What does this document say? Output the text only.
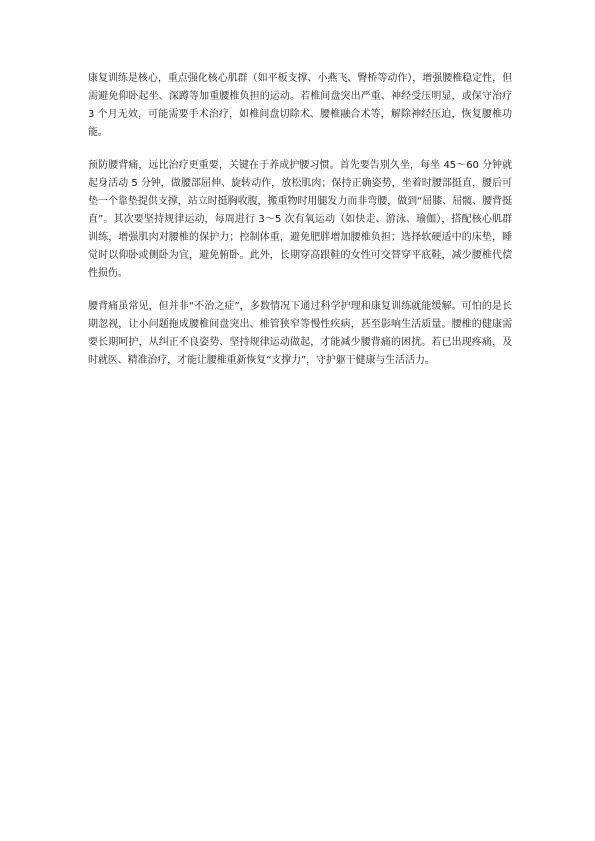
康复训练是核心，重点强化核心肌群（如平板支撑、小燕飞、臀桥等动作），增强腰椎稳定性，但需避免仰卧起坐、深蹲等加重腰椎负担的运动。若椎间盘突出严重、神经受压明显，或保守治疗 3 个月无效，可能需要手术治疗，如椎间盘切除术、腰椎融合术等，解除神经压迫，恢复腰椎功能。

预防腰背痛，远比治疗更重要，关键在于养成护腰习惯。首先要告别久坐，每坐 45～60 分钟就起身活动 5 分钟，做腰部屈伸、旋转动作，放松肌肉；保持正确姿势，坐着时腰部挺直，腰后可垫一个靠垫提供支撑，站立时挺胸收腹，搬重物时用腿发力而非弯腰，做到“屈膝、屈髋、腰背挺直”。其次要坚持规律运动，每周进行 3～5 次有氧运动（如快走、游泳、瑜伽），搭配核心肌群训练，增强肌肉对腰椎的保护力；控制体重，避免肥胖增加腰椎负担；选择软硬适中的床垫，睡觉时以仰卧或侧卧为宜，避免俯卧。此外，长期穿高跟鞋的女性可交替穿平底鞋，减少腰椎代偿性损伤。

腰背痛虽常见，但并非“不治之症”，多数情况下通过科学护理和康复训练就能缓解。可怕的是长期忽视，让小问题拖成腰椎间盘突出、椎管狭窄等慢性疾病，甚至影响生活质量。腰椎的健康需要长期呵护，从纠正不良姿势、坚持规律运动做起，才能减少腰背痛的困扰。若已出现疼痛，及时就医、精准治疗，才能让腰椎重新恢复“支撑力”，守护躯干健康与生活活力。
